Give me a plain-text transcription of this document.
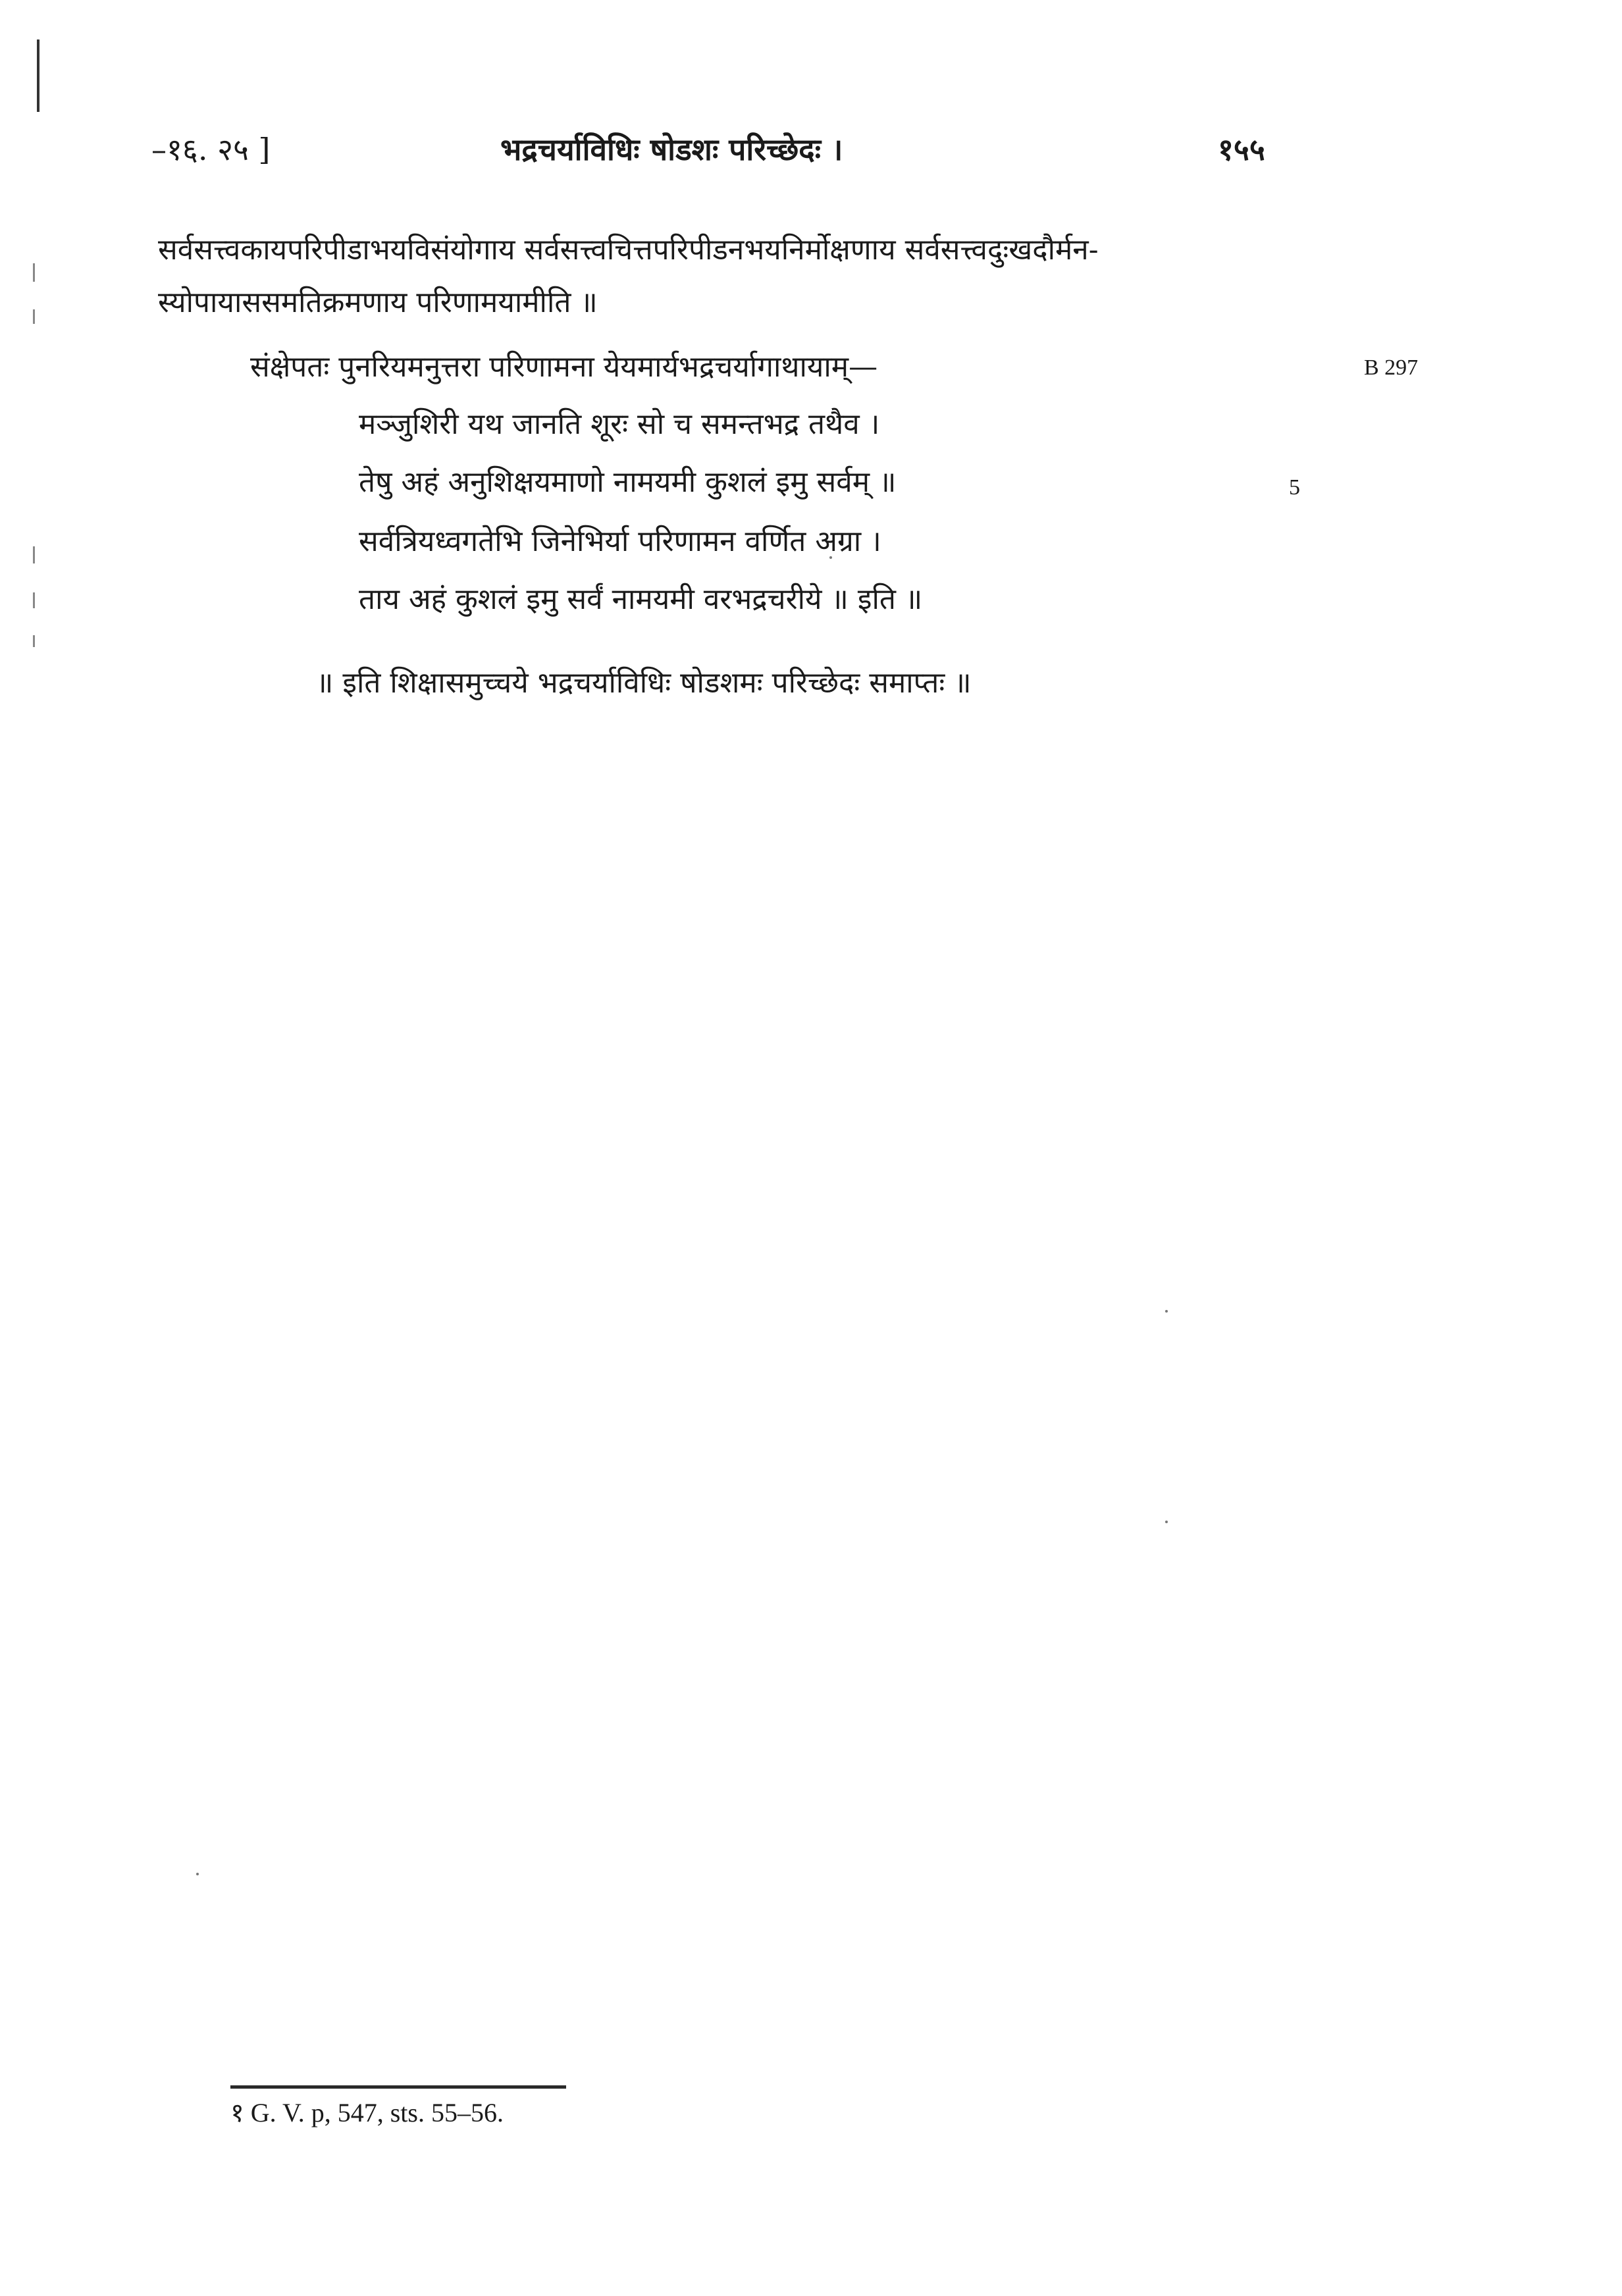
–१६. २५ ]	भद्रचर्याविधिः षोडशः परिच्छेदः ।	१५५

सर्वसत्त्वकायपरिपीडाभयविसंयोगाय सर्वसत्त्वचित्तपरिपीडनभयनिर्मोक्षणाय सर्वसत्त्वदुःखदौर्मन-
स्योपायाससमतिक्रमणाय परिणामयामीति ॥

संक्षेपतः पुनरियमनुत्तरा परिणामना येयमार्यभद्रचर्यागाथायाम्—
मञ्जुशिरी यथ जानति शूरः सो च समन्तभद्र तथैव ।
तेषु अहं अनुशिक्षयमाणो नामयमी कुशलं इमु सर्वम् ॥
सर्वत्रियध्वगतेभि जिनेभिर्या परिणामन वर्णित अग्रा ।
ताय अहं कुशलं इमु सर्वं नामयमी वरभद्रचरीये ॥ इति ॥
॥ इति शिक्षासमुच्चये भद्रचर्याविधिः षोडशमः परिच्छेदः समाप्तः ॥
B 297
5
१ G. V. p, 547, sts. 55–56.
